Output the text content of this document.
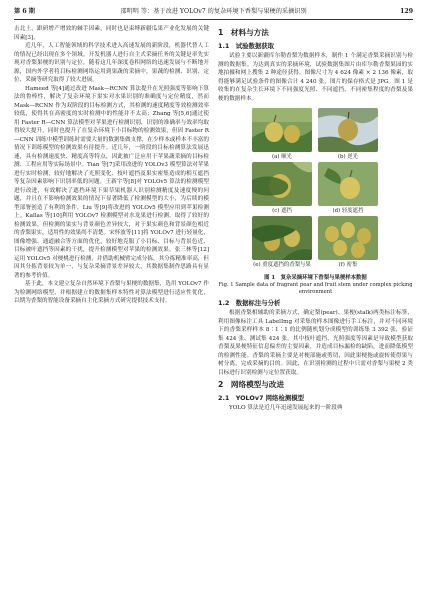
第 6 期	邵明明 等：基于改进 YOLOv7 的复杂环境下香梨与果梗的采摘识别	129

击北上，跟研增产增效的棘手因素，同时也是束缚新疆瓜果产业化发展的关键因素[3]。

近几年，人工智能领域的科学技术进入高速发展的新阶段，机器代替人工的情况已经出现在多个领域。开发机器人进行自主式采摘任务的关键是率先实现对香梨果梗的识别与定位。随着这几年深度卷积网络的迅速发展与不断地开源，国内外学者将目标检测网络运用到果蔬的采摘中，果蔬的检测、识别、定位、采摘等研究取得了较大进展。

Hameed 等[4]通过改进 Mask—RCNN 算法提升在光照强度等影响下算法的鲁棒性，解决了复杂环境下果实对水果识别的准确度与定位精度，然而 Mask—RCNN 作为双阶段的目标检测方式，其检测的速度精度等效检测效率较低，使得其在高密度的实时检测中的性能并不太高；Zhang 等[5,6]通过使用 Faster R—CNN 算法模型对苹果进行检测识别，识别的准确率与效率均取得较大提升，同时也提升了在复杂环境下小目标物的检测效果，但因 Faster R—CNN 训练中模型训练时需要大量的数据集做支撑，在少样本或样本不丰富的情况下训练模型的检测效果有待提升。近几年，一阶段的目标检测算法发展迅速，具有检测速度快、精度高等特点，因此被广泛应用于苹果蔬采摘的目标检测、工程应用等实际场景中。Tian 等[7]采用改进的 YOLOv3 模型算法对苹果进行实时检测，较好地解决了光照变化、枝叶遮挡及果实密集造成的相互遮挡等复杂因素影响下识别率低的问题。王新宇等[8]对 YOLOv5 算法的检测模型进行改进，有效解决了遮挡环境下果草果机器人识别检测精度及速度慢的问题，并且在不影响检测效果的情况下显著降低了检测模型的大小，为后续的模型部署创造了有利的条件。Liu 等[9]将改进的 YOLOv5 模型应用到苹果检测上。Kallas 等[10]利用 YOLOv7 检测模型对水龙果进行检测，取得了较好的检测效果，但检测的果实与背景颜色差异较大，对于果实颜色和背景颜色相近的香梨果实，适用性的效果尚不清楚。宋怀波等[11]将 YOLOv7 进行轻量化、图像增强、通道融合等方面的优化，较好地克服了小目标、目标与背景色近、目标被叶遮挡等因素的干扰，提升检测模型对苹果的检测效果。张三林等[12]运用 YOLOv5 对梗桃进行检测，并借助机械臂完成分拣，其分拣精准率高，但因其分拣背景较为单一，与复杂采摘背景差异较大，其数据集制作思路具有显著的参考价值。

基于此，本文建立复杂自然环境下香梨与果梗的数据集，选用 YOLOv7 作为检测网络模型，并根据建立的数据集样本特性对算法模型进行适应性优化，以期为香梨的智能设备采摘自主化采摘方式研究提供技术支持。

1　材料与方法
1.1　试验数据获取

试验主要以新疆库尔勒香梨为数据样本，制作 1 个满足香梨采摘识别与检测的数据集。为达到真实的采摘环境，试验数据集图片由库尔勒香梨果园的实地拍摄和网上搜集 2 种途径获得。图像尺寸为 4 624 像素 × 2 136 像素，取得能够满足试验条件的图像合计 4 240 张，图片的保存格式是 JPG。图 1 是收集的在复杂生长环境下不同强度光照、不同遮挡、不同密集程度的香梨及果梗的数据样本。

(a) 顺光	(b) 逆光
(c) 遮挡	(d) 轻度遮挡
(e) 重度遮挡的香梨与果	(f) 密集
图 1　复杂采摘环境下香梨与果梗样本数据
Fig. 1 Sample data of fragrant pear and fruit stem under complex picking environment
1.2　数据标注与分析

根据香梨相辅助的采摘方式，确定梨(pear)、果梗(stalk)两类标注标签，利用图像标注工具 LabelImg 对采集的样本图像进行手工标注，并对不同环境下的香梨采样样本 8∶1∶1 的比例随机划分成模型的训练集 3 392 张，验证集 424 张、测试集 424 张。其中枝叶遮挡、光照强度等因素是导致模型获取香梨及果梗特征信息偏差的主要因素，并造成目标漏检的缺陷，进而降低模型的检测性能。香梨的采摘主要是对梗部施或剪切，因此果梗拖或旋转使得果与树分离，完成采摘的目的。因此，在识别检测的过程中只需对香梨与果梗 2 类目标进行识别检测与定位置获取。

2　网络模型与改进
2.1　YOLOv7 网络检测模型

YOLO 算法是近几年迅速发展起来的一阶段典
